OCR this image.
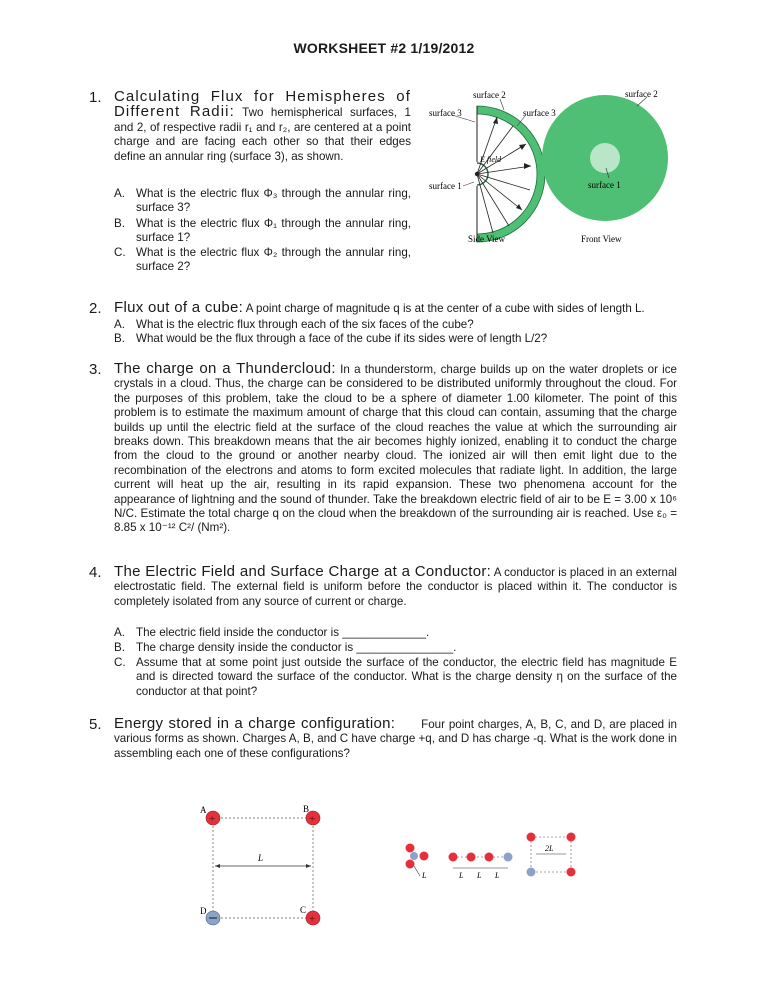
WORKSHEET #2 1/19/2012
1. Calculating Flux for Hemispheres of Different Radii: Two hemispherical surfaces, 1 and 2, of respective radii r₁ and r₂, are centered at a point charge and are facing each other so that their edges define an annular ring (surface 3), as shown.
A. What is the electric flux Φ₃ through the annular ring, surface 3?
B. What is the electric flux Φ₁ through the annular ring, surface 1?
C. What is the electric flux Φ₂ through the annular ring, surface 2?
surface 2
surface 3	surface 3
E field
surface 1
Side View
surface 2
surface 1
Front View
2. Flux out of a cube: A point charge of magnitude q is at the center of a cube with sides of length L.
A. What is the electric flux through each of the six faces of the cube?
B. What would be the flux through a face of the cube if its sides were of length L/2?
3. The charge on a Thundercloud: In a thunderstorm, charge builds up on the water droplets or ice crystals in a cloud. Thus, the charge can be considered to be distributed uniformly throughout the cloud. For the purposes of this problem, take the cloud to be a sphere of diameter 1.00 kilometer. The point of this problem is to estimate the maximum amount of charge that this cloud can contain, assuming that the charge builds up until the electric field at the surface of the cloud reaches the value at which the surrounding air breaks down. This breakdown means that the air becomes highly ionized, enabling it to conduct the charge from the cloud to the ground or another nearby cloud. The ionized air will then emit light due to the recombination of the electrons and atoms to form excited molecules that radiate light. In addition, the large current will heat up the air, resulting in its rapid expansion. These two phenomena account for the appearance of lightning and the sound of thunder. Take the breakdown electric field of air to be E = 3.00 x 10⁶ N/C. Estimate the total charge q on the cloud when the breakdown of the surrounding air is reached. Use ε₀ = 8.85 x 10⁻¹² C²/ (Nm²).
4. The Electric Field and Surface Charge at a Conductor: A conductor is placed in an external electrostatic field. The external field is uniform before the conductor is placed within it. The conductor is completely isolated from any source of current or charge.
A. The electric field inside the conductor is _____________.
B. The charge density inside the conductor is _______________.
C. Assume that at some point just outside the surface of the conductor, the electric field has magnitude E and is directed toward the surface of the conductor. What is the charge density η on the surface of the conductor at that point?
5. Energy stored in a charge configuration: Four point charges, A, B, C, and D, are placed in various forms as shown. Charges A, B, and C have charge +q, and D has charge -q. What is the work done in assembling each one of these configurations?
L
+	+
+
A	B
C
D
L	L L L
2L
